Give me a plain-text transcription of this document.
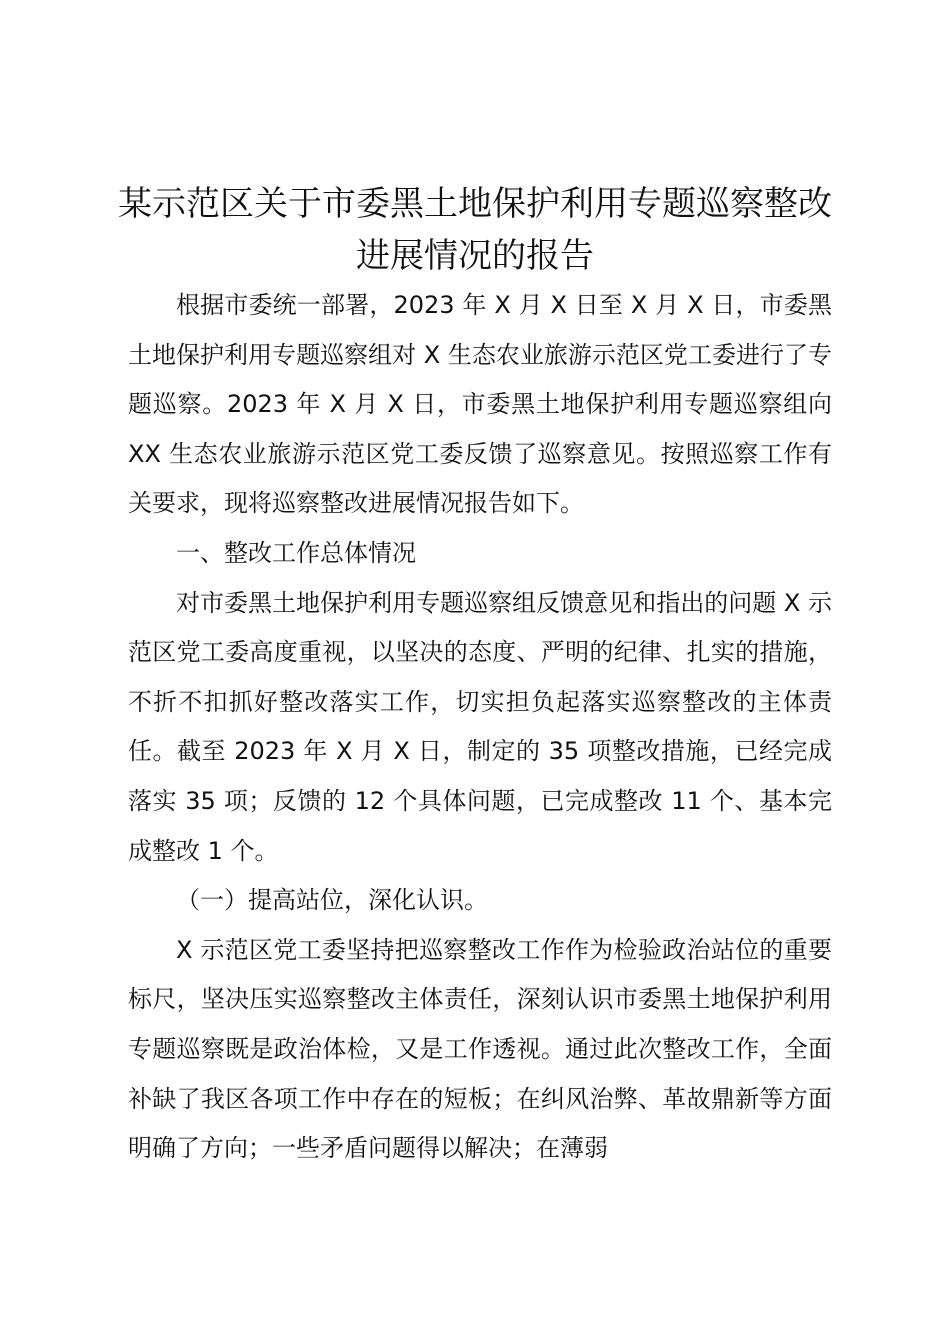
某示范区关于市委黑土地保护利用专题巡察整改进展情况的报告

根据市委统一部署，2023 年 X 月 X 日至 X 月 X 日，市委黑土地保护利用专题巡察组对 X 生态农业旅游示范区党工委进行了专题巡察。2023 年 X 月 X 日，市委黑土地保护利用专题巡察组向 XX 生态农业旅游示范区党工委反馈了巡察意见。按照巡察工作有关要求，现将巡察整改进展情况报告如下。

一、整改工作总体情况

对市委黑土地保护利用专题巡察组反馈意见和指出的问题 X 示范区党工委高度重视，以坚决的态度、严明的纪律、扎实的措施，不折不扣抓好整改落实工作，切实担负起落实巡察整改的主体责任。截至 2023 年 X 月 X 日，制定的 35 项整改措施，已经完成落实 35 项；反馈的 12 个具体问题，已完成整改 11 个、基本完成整改 1 个。

（一）提高站位，深化认识。

X 示范区党工委坚持把巡察整改工作作为检验政治站位的重要标尺，坚决压实巡察整改主体责任，深刻认识市委黑土地保护利用专题巡察既是政治体检，又是工作透视。通过此次整改工作，全面补缺了我区各项工作中存在的短板；在纠风治弊、革故鼎新等方面明确了方向；一些矛盾问题得以解决；在薄弱
